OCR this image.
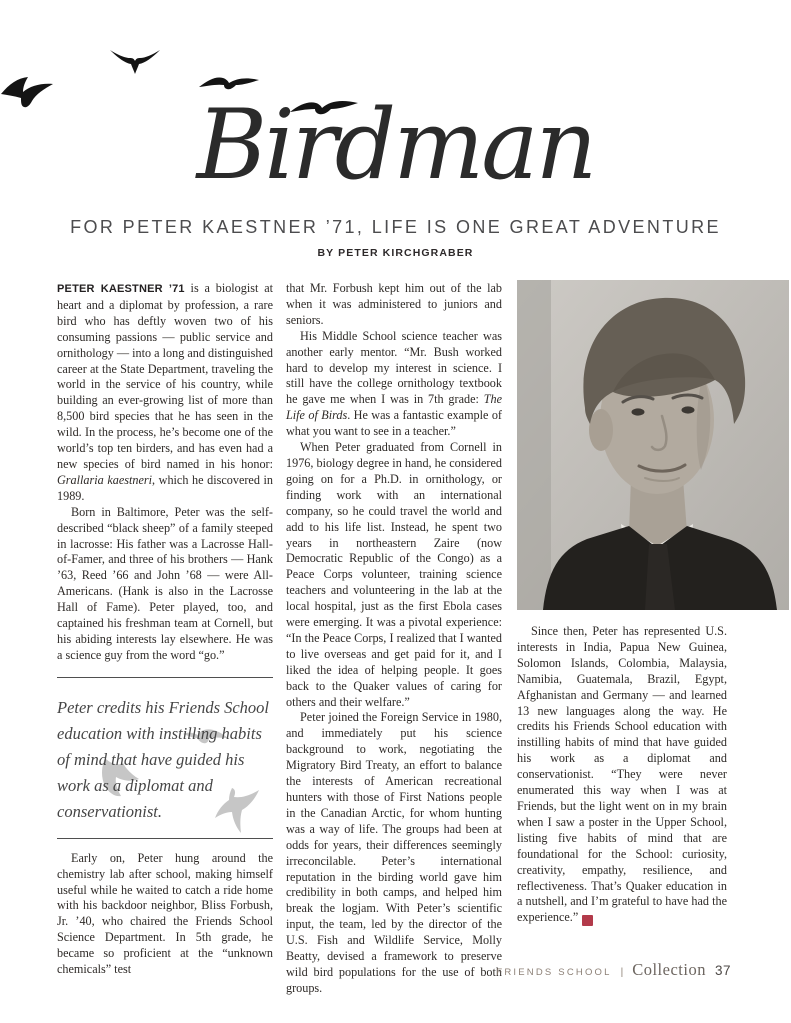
Birdman
FOR PETER KAESTNER ’71, LIFE IS ONE GREAT ADVENTURE
BY PETER KIRCHGRABER

PETER KAESTNER ’71 is a biologist at heart and a diplomat by profession, a rare bird who has deftly woven two of his consuming passions — public service and ornithology — into a long and distinguished career at the State Department, traveling the world in the service of his country, while building an ever-growing list of more than 8,500 bird species that he has seen in the wild. In the process, he’s become one of the world’s top ten birders, and has even had a new species of bird named in his honor: Grallaria kaestneri, which he discovered in 1989.

Born in Baltimore, Peter was the self-described “black sheep” of a family steeped in lacrosse: His father was a Lacrosse Hall-of-Famer, and three of his brothers — Hank ’63, Reed ’66 and John ’68 — were All-Americans. (Hank is also in the Lacrosse Hall of Fame). Peter played, too, and captained his freshman team at Cornell, but his abiding interests lay elsewhere. He was a science guy from the word “go.”

Peter credits his Friends School education with instilling habits of mind that have guided his work as a diplomat and conservationist.

Early on, Peter hung around the chemistry lab after school, making himself useful while he waited to catch a ride home with his backdoor neighbor, Bliss Forbush, Jr. ’40, who chaired the Friends School Science Department. In 5th grade, he became so proficient at the “unknown chemicals” test

that Mr. Forbush kept him out of the lab when it was administered to juniors and seniors.

His Middle School science teacher was another early mentor. “Mr. Bush worked hard to develop my interest in science. I still have the college ornithology textbook he gave me when I was in 7th grade: The Life of Birds. He was a fantastic example of what you want to see in a teacher.”

When Peter graduated from Cornell in 1976, biology degree in hand, he considered going on for a Ph.D. in ornithology, or finding work with an international company, so he could travel the world and add to his life list. Instead, he spent two years in northeastern Zaire (now Democratic Republic of the Congo) as a Peace Corps volunteer, training science teachers and volunteering in the lab at the local hospital, just as the first Ebola cases were emerging. It was a pivotal experience: “In the Peace Corps, I realized that I wanted to live overseas and get paid for it, and I liked the idea of helping people. It goes back to the Quaker values of caring for others and their welfare.”

Peter joined the Foreign Service in 1980, and immediately put his science background to work, negotiating the Migratory Bird Treaty, an effort to balance the interests of American recreational hunters with those of First Nations people in the Canadian Arctic, for whom hunting was a way of life. The groups had been at odds for years, their differences seemingly irreconcilable. Peter’s international reputation in the birding world gave him credibility in both camps, and helped him break the logjam. With Peter’s scientific input, the team, led by the director of the U.S. Fish and Wildlife Service, Molly Beatty, devised a framework to preserve wild bird populations for the use of both groups.

Since then, Peter has represented U.S. interests in India, Papua New Guinea, Solomon Islands, Colombia, Malaysia, Namibia, Guatemala, Brazil, Egypt, Afghanistan and Germany — and learned 13 new languages along the way. He credits his Friends School education with instilling habits of mind that have guided his work as a diplomat and conservationist. “They were never enumerated this way when I was at Friends, but the light went on in my brain when I saw a poster in the Upper School, listing five habits of mind that are foundational for the School: curiosity, creativity, empathy, resilience, and reflectiveness. That’s Quaker education in a nutshell, and I’m grateful to have had the experience.”	FS

FRIENDS SCHOOL | Collection 37
